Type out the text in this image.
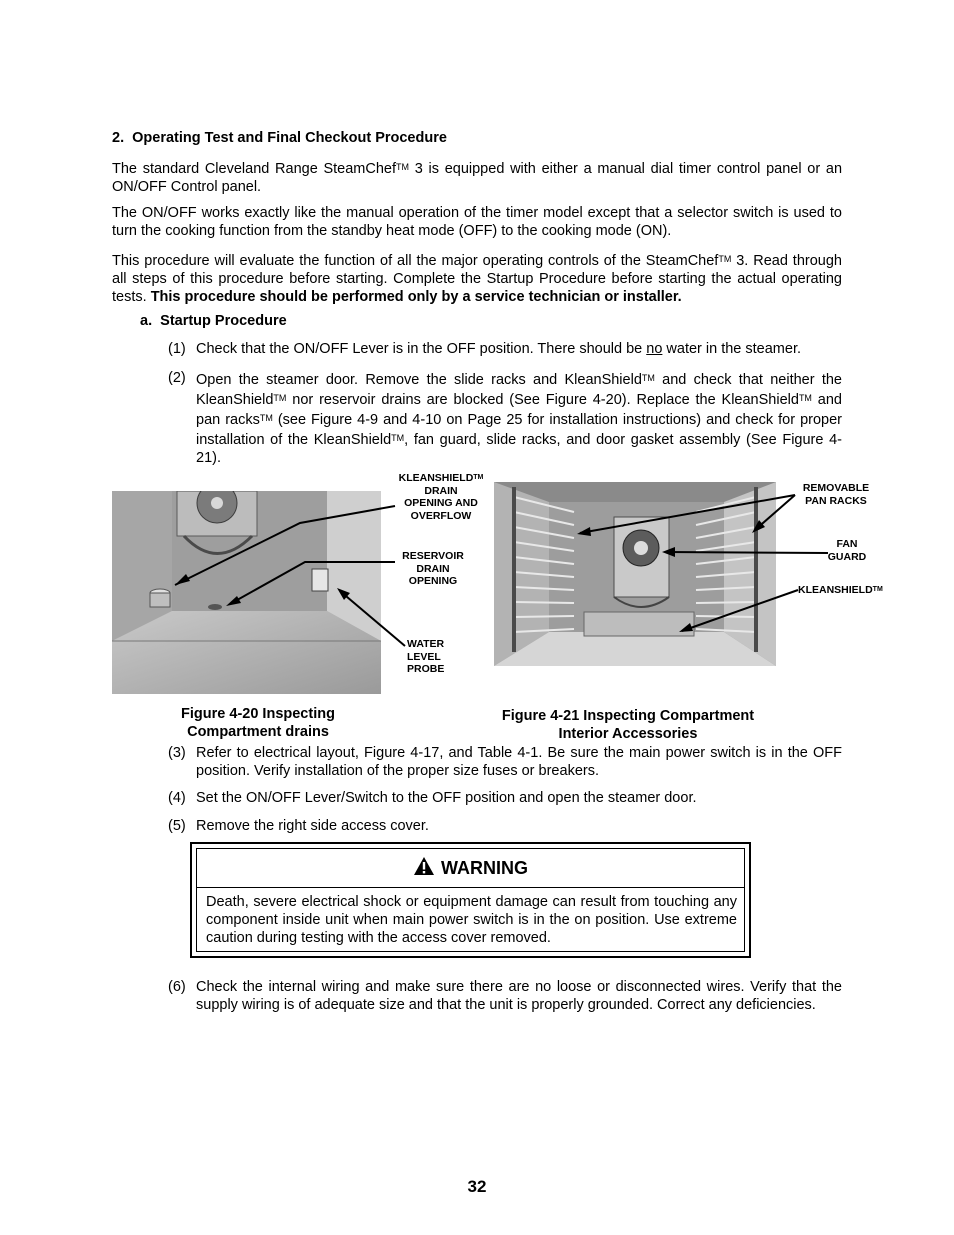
2.  Operating Test and Final Checkout Procedure
The standard Cleveland Range SteamChef™ 3 is equipped with either a manual dial timer control panel or an ON/OFF Control panel.
The ON/OFF works exactly like the manual operation of the timer model except that a selector switch is used to turn the cooking function from the standby heat mode (OFF) to the cooking mode (ON).
This procedure will evaluate the function of all the major operating controls of the SteamChef™ 3. Read through all steps of this procedure before starting. Complete the Startup Procedure before starting the actual operating tests. This procedure should be performed only by a service technician or installer.
a.  Startup Procedure
(1) Check that the ON/OFF Lever is in the OFF position. There should be no water in the steamer.
(2) Open the steamer door. Remove the slide racks and KleanShield™ and check that neither the KleanShield™ nor reservoir drains are blocked (See Figure 4-20). Replace the KleanShield™ and pan racks™ (see Figure 4-9 and 4-10 on Page 25 for installation instructions) and check for proper installation of the KleanShield™, fan guard, slide racks, and door gasket assembly (See Figure 4-21).
KLEANSHIELDTM
DRAIN
OPENING AND
OVERFLOW
RESERVOIR
DRAIN
OPENING
WATER
LEVEL
PROBE
REMOVABLE
PAN RACKS
FAN
GUARD
KLEANSHIELDTM
Figure 4-20 Inspecting
Compartment drains
Figure 4-21 Inspecting Compartment
Interior Accessories
(3) Refer to electrical layout, Figure 4-17, and Table 4-1. Be sure the main power switch is in the OFF position. Verify installation of the proper size fuses or breakers.
(4) Set the ON/OFF Lever/Switch to the OFF position and open the steamer door.
(5) Remove the right side access cover.
WARNING
Death, severe electrical shock or equipment damage can result from touching any component inside unit when main power switch is in the on position. Use extreme caution during testing with the access cover removed.
(6) Check the internal wiring and make sure there are no loose or disconnected wires. Verify that the supply wiring is of adequate size and that the unit is properly grounded. Correct any deficiencies.
32
